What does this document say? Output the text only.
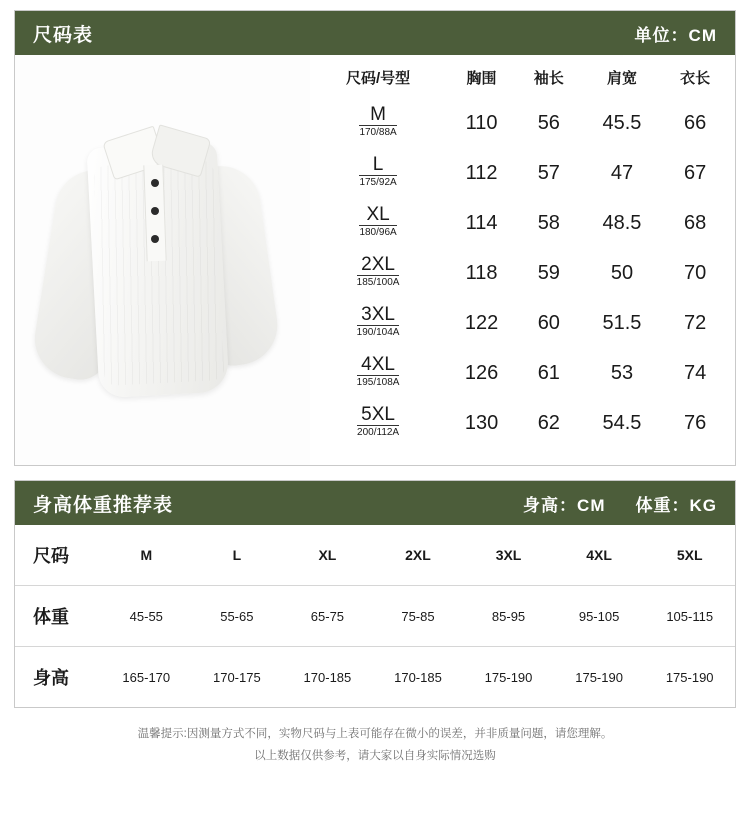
尺码表	单位：CM
尺码/号型	胸围	袖长	肩宽	衣长

M
170/88A	110	56	45.5	66

L
175/92A	112	57	47	67

XL
180/96A	114	58	48.5	68

2XL
185/100A	118	59	50	70

3XL
190/104A	122	60	51.5	72

4XL
195/108A	126	61	53	74

5XL
200/112A	130	62	54.5	76
身高体重推荐表	身高：CM 体重：KG
尺码	M	L	XL	2XL	3XL	4XL	5XL
体重	45-55	55-65	65-75	75-85	85-95	95-105	105-115
身高	165-170	170-175	170-185	170-185	175-190	175-190	175-190
温馨提示:因测量方式不同，实物尺码与上表可能存在微小的误差，并非质量问题，请您理解。
以上数据仅供参考，请大家以自身实际情况选购
